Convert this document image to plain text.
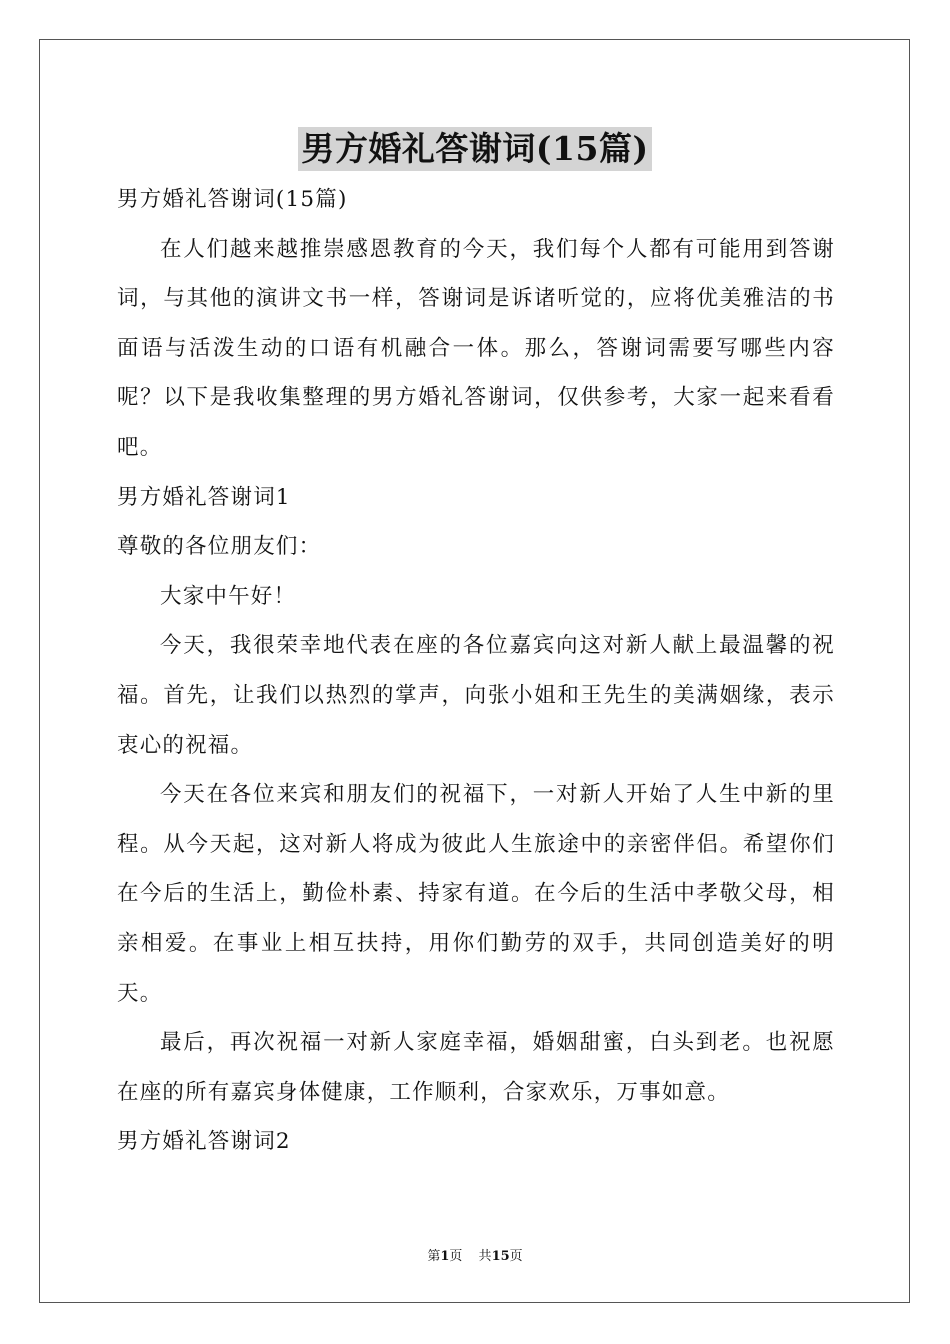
男方婚礼答谢词(15篇)

男方婚礼答谢词(15篇)

在人们越来越推崇感恩教育的今天，我们每个人都有可能用到答谢词，与其他的演讲文书一样，答谢词是诉诸听觉的，应将优美雅洁的书面语与活泼生动的口语有机融合一体。那么，答谢词需要写哪些内容呢？以下是我收集整理的男方婚礼答谢词，仅供参考，大家一起来看看吧。

男方婚礼答谢词1

尊敬的各位朋友们：

大家中午好！

今天，我很荣幸地代表在座的各位嘉宾向这对新人献上最温馨的祝福。首先，让我们以热烈的掌声，向张小姐和王先生的美满姻缘，表示衷心的祝福。

今天在各位来宾和朋友们的祝福下，一对新人开始了人生中新的里程。从今天起，这对新人将成为彼此人生旅途中的亲密伴侣。希望你们在今后的生活上，勤俭朴素、持家有道。在今后的生活中孝敬父母，相亲相爱。在事业上相互扶持，用你们勤劳的双手，共同创造美好的明天。

最后，再次祝福一对新人家庭幸福，婚姻甜蜜，白头到老。也祝愿在座的所有嘉宾身体健康，工作顺利，合家欢乐，万事如意。

男方婚礼答谢词2

第1页 共15页
